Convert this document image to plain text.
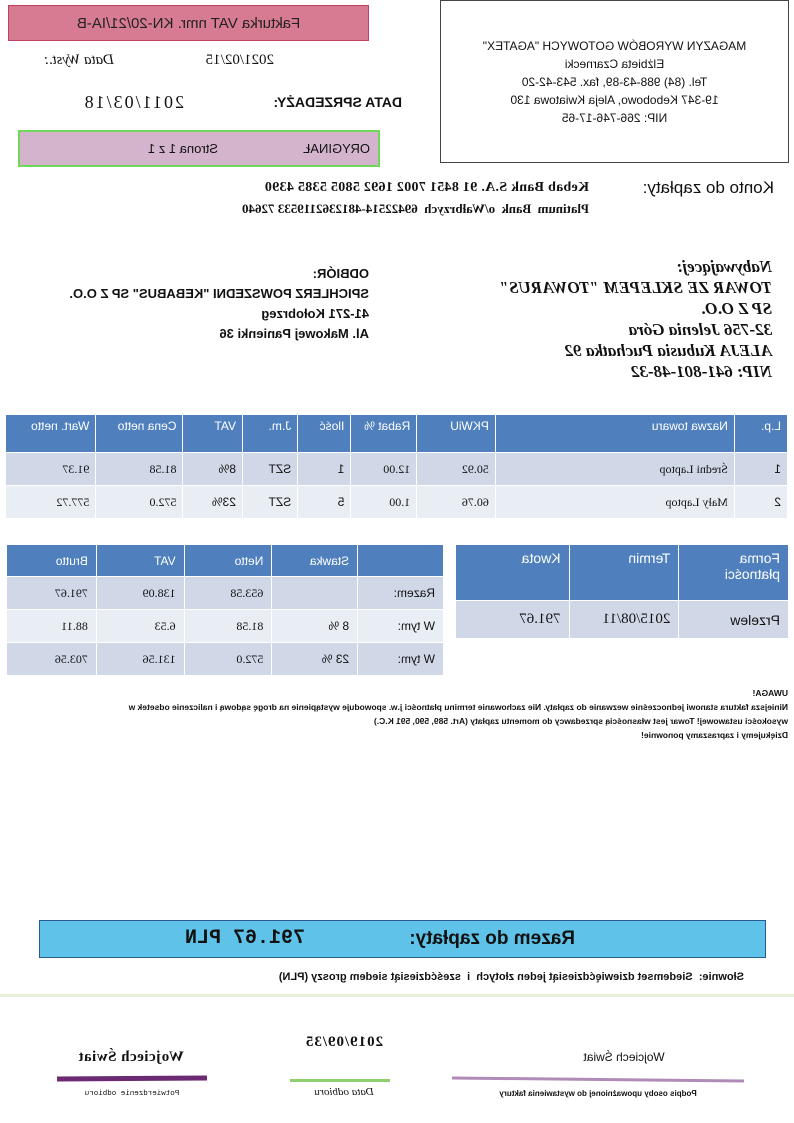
Fakturka VAT nmr. KN-20/21/IA-B
2021/02/15
Data Wyst.:
2011/03/18	DATA SPRZEDAŻY:
ORYGINAŁ
Strona 1 z 1
MAGAZYN WYROBÓW GOTOWYCH "AGATEX"
Elżbieta Czarnecki
Tel. (84) 988-43-89, fax. 543-42-20
19-347 Kebobowo, Aleja Kwiatowa 130
NIP: 266-746-17-65
Konto do zapłaty:
Kebab Bank S.A. 91 8451 7002 1692 5805 5385 4390
Platinum  Bank  o/Wałbrzych  69422514-4812362119533 72640
Nabywającej:
TOWAR ZE SKLEPEM "TOWARUS"
SP Z O.O.
32-756 Jelenia Góra
ALEJA Kubusia Puchatka 92
NIP: 641-801-48-32
ODBIÓR:
SPICHLERZ POWSZEDNI "KEBABUS" SP Z O.O.
41-271 Kołobrzeg
Al. Makowej Panienki 36
L.p.	Nazwa towaru	PKWiU	Rabat %	Ilość	J.m.	VAT	Cena netto	Wart. netto
1	Średni Laptop	50.92	12.00	1	SZT	8%	81.58	91.37
2	Mały Laptop	60.76	1.00	5	SZT	23%	572.0	577.72
Forma płatności	Termin	Kwota
Przelew	2015/08/11	791.67
	Stawka	Netto	VAT	Brutto
Razem:		653.58	138.09	791.67
W tym:	8 %	81.58	6.53	88.11
W tym:	23 %	572.0	131.56	703.56
UWAGA!
Niniejsza faktura stanowi jednocześnie wezwanie do zapłaty. Nie zachowanie terminu płatności j.w. spowoduje wystąpienie na drogę sądową i naliczenie odsetek w
wysokości ustawowej! Towar jest własnością sprzedawcy do momentu zapłaty (Art. 589, 590, 591 K.C.)
Dziękujemy i zapraszamy ponownie!
Razem do zapłaty:
791.67 PLN
Słownie:  Siedemset dziewięćdziesiąt jeden złotych  i  sześćdziesiąt siedem groszy (PLN)
Wojciech Świat
Podpis osoby upoważnionej do wystawienia faktury
2019/09/35
Data odbioru
Wojciech Świat
Potwierdzenie odbioru
